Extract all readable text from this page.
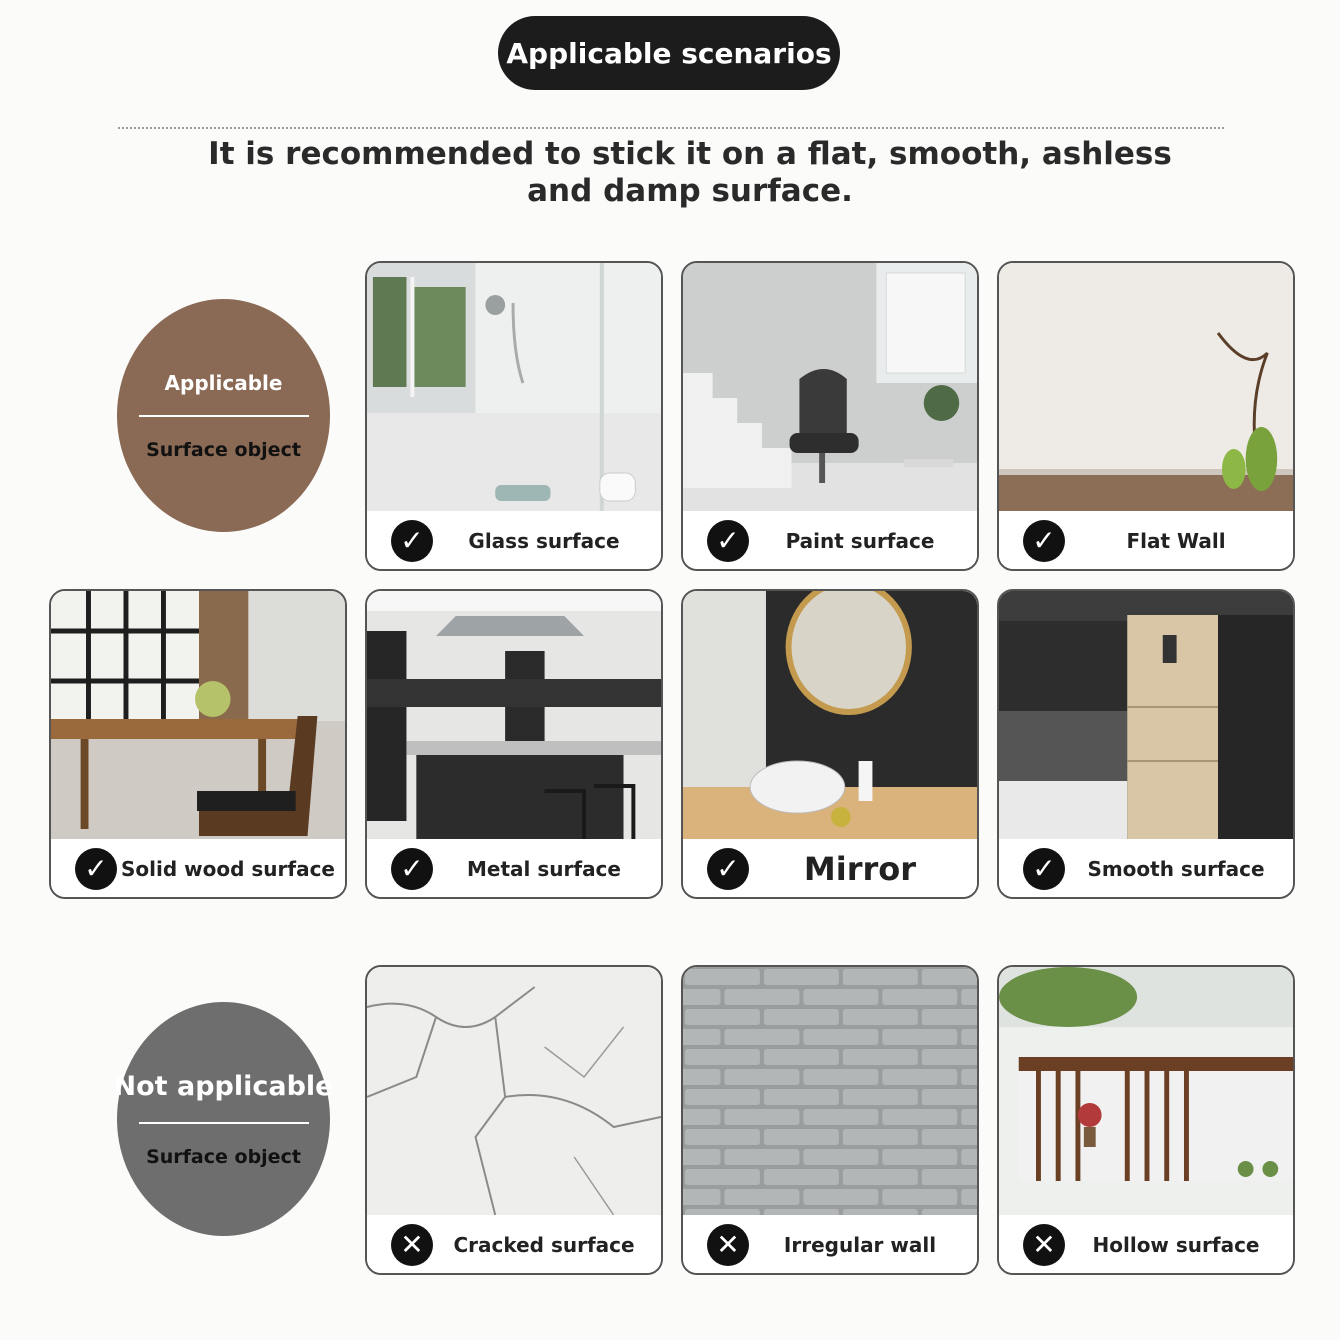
Applicable scenarios
It is recommended to stick it on a flat, smooth, ashless
and damp surface.
Applicable
Surface object
Not applicable
Surface object
✓	Glass surface	✓	Paint surface	✓	Flat Wall
✓ Solid wood surface	✓	Metal surface	✓	Mirror	✓	Smooth surface
✕	Cracked surface	✕	Irregular wall	✕	Hollow surface
